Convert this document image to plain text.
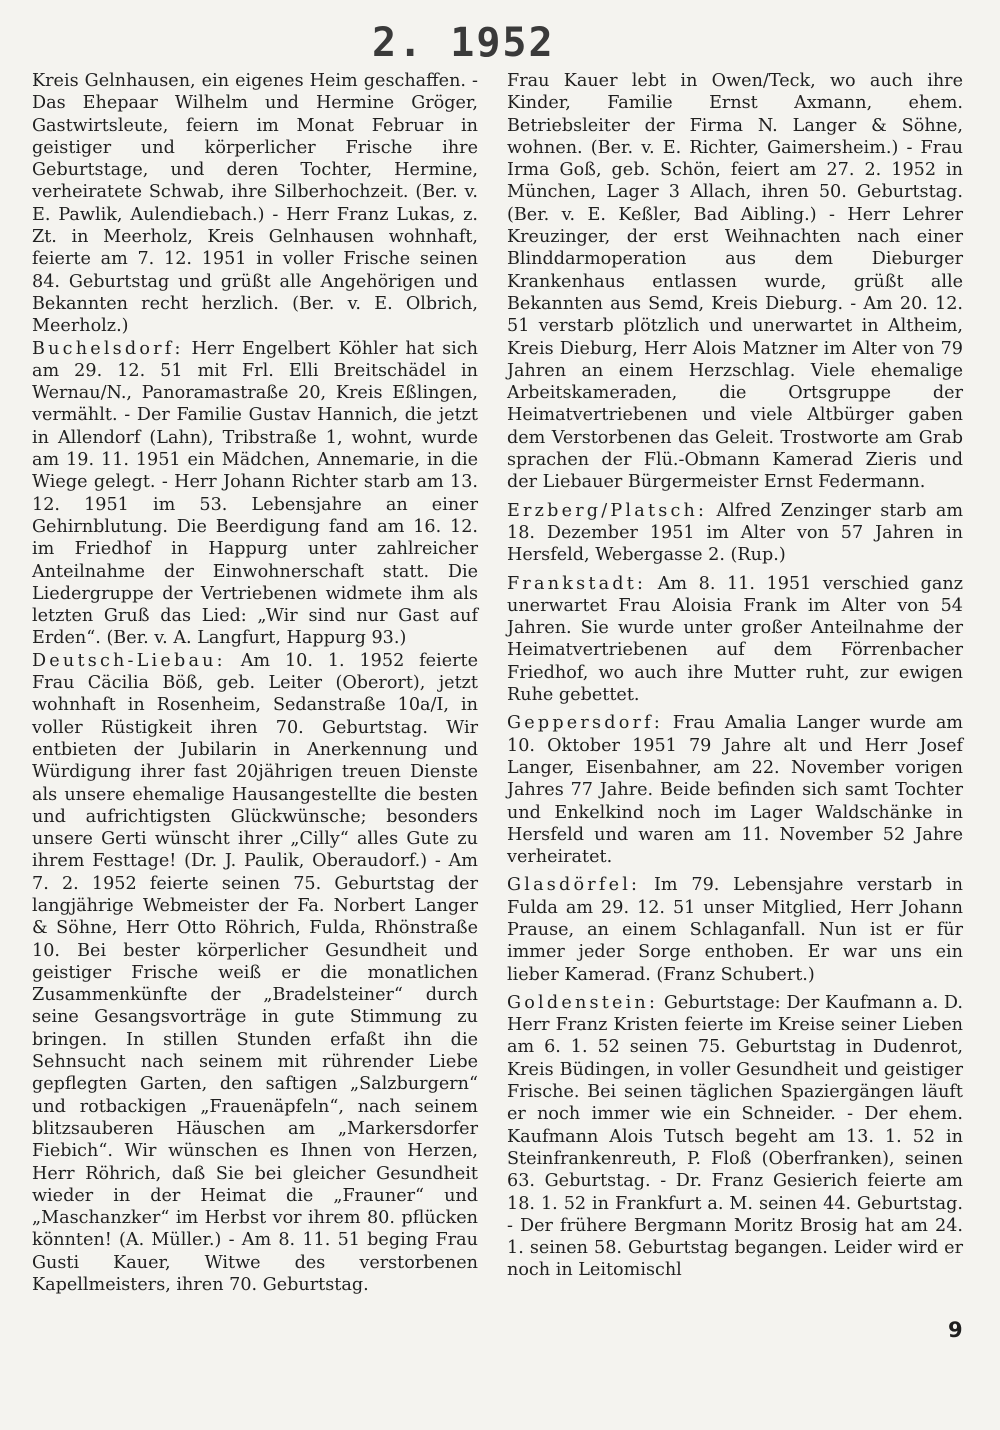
2. 1952

Kreis Gelnhausen, ein eigenes Heim geschaffen. - Das Ehepaar Wilhelm und Hermine Gröger, Gastwirtsleute, feiern im Monat Februar in geistiger und körperlicher Frische ihre Geburtstage, und deren Tochter, Hermine, verheiratete Schwab, ihre Silberhochzeit. (Ber. v. E. Pawlik, Aulendiebach.) - Herr Franz Lukas, z. Zt. in Meerholz, Kreis Gelnhausen wohnhaft, feierte am 7. 12. 1951 in voller Frische seinen 84. Geburtstag und grüßt alle Angehörigen und Bekannten recht herzlich. (Ber. v. E. Olbrich, Meerholz.)

Buchelsdorf: Herr Engelbert Köhler hat sich am 29. 12. 51 mit Frl. Elli Breitschädel in Wernau/N., Panoramastraße 20, Kreis Eßlingen, vermählt. - Der Familie Gustav Hannich, die jetzt in Allendorf (Lahn), Tribstraße 1, wohnt, wurde am 19. 11. 1951 ein Mädchen, Annemarie, in die Wiege gelegt. - Herr Johann Richter starb am 13. 12. 1951 im 53. Lebensjahre an einer Gehirnblutung. Die Beerdigung fand am 16. 12. im Friedhof in Happurg unter zahlreicher Anteilnahme der Einwohnerschaft statt. Die Liedergruppe der Vertriebenen widmete ihm als letzten Gruß das Lied: „Wir sind nur Gast auf Erden“. (Ber. v. A. Langfurt, Happurg 93.)

Deutsch-Liebau: Am 10. 1. 1952 feierte Frau Cäcilia Böß, geb. Leiter (Oberort), jetzt wohnhaft in Rosenheim, Sedanstraße 10a/I, in voller Rüstigkeit ihren 70. Geburtstag. Wir entbieten der Jubilarin in Anerkennung und Würdigung ihrer fast 20jährigen treuen Dienste als unsere ehemalige Hausangestellte die besten und aufrichtigsten Glückwünsche; besonders unsere Gerti wünscht ihrer „Cilly“ alles Gute zu ihrem Festtage! (Dr. J. Paulik, Oberaudorf.) - Am 7. 2. 1952 feierte seinen 75. Geburtstag der langjährige Webmeister der Fa. Norbert Langer & Söhne, Herr Otto Röhrich, Fulda, Rhönstraße 10. Bei bester körperlicher Gesundheit und geistiger Frische weiß er die monatlichen Zusammenkünfte der „Bradelsteiner“ durch seine Gesangsvorträge in gute Stimmung zu bringen. In stillen Stunden erfaßt ihn die Sehnsucht nach seinem mit rührender Liebe gepflegten Garten, den saftigen „Salzburgern“ und rotbackigen „Frauenäpfeln“, nach seinem blitzsauberen Häuschen am „Markersdorfer Fiebich“. Wir wünschen es Ihnen von Herzen, Herr Röhrich, daß Sie bei gleicher Gesundheit wieder in der Heimat die „Frauner“ und „Maschanzker“ im Herbst vor ihrem 80. pflücken könnten! (A. Müller.) - Am 8. 11. 51 beging Frau Gusti Kauer, Witwe des verstorbenen Kapellmeisters, ihren 70. Geburtstag.

Frau Kauer lebt in Owen/Teck, wo auch ihre Kinder, Familie Ernst Axmann, ehem. Betriebsleiter der Firma N. Langer & Söhne, wohnen. (Ber. v. E. Richter, Gaimersheim.) - Frau Irma Goß, geb. Schön, feiert am 27. 2. 1952 in München, Lager 3 Allach, ihren 50. Geburtstag. (Ber. v. E. Keßler, Bad Aibling.) - Herr Lehrer Kreuzinger, der erst Weihnachten nach einer Blinddarmoperation aus dem Dieburger Krankenhaus entlassen wurde, grüßt alle Bekannten aus Semd, Kreis Dieburg. - Am 20. 12. 51 verstarb plötzlich und unerwartet in Altheim, Kreis Dieburg, Herr Alois Matzner im Alter von 79 Jahren an einem Herzschlag. Viele ehemalige Arbeitskameraden, die Ortsgruppe der Heimatvertriebenen und viele Altbürger gaben dem Verstorbenen das Geleit. Trostworte am Grab sprachen der Flü.-Obmann Kamerad Zieris und der Liebauer Bürgermeister Ernst Federmann.

Erzberg/Platsch: Alfred Zenzinger starb am 18. Dezember 1951 im Alter von 57 Jahren in Hersfeld, Webergasse 2. (Rup.)

Frankstadt: Am 8. 11. 1951 verschied ganz unerwartet Frau Aloisia Frank im Alter von 54 Jahren. Sie wurde unter großer Anteilnahme der Heimatvertriebenen auf dem Förrenbacher Friedhof, wo auch ihre Mutter ruht, zur ewigen Ruhe gebettet.

Geppersdorf: Frau Amalia Langer wurde am 10. Oktober 1951 79 Jahre alt und Herr Josef Langer, Eisenbahner, am 22. November vorigen Jahres 77 Jahre. Beide befinden sich samt Tochter und Enkelkind noch im Lager Waldschänke in Hersfeld und waren am 11. November 52 Jahre verheiratet.

Glasdörfel: Im 79. Lebensjahre verstarb in Fulda am 29. 12. 51 unser Mitglied, Herr Johann Prause, an einem Schlaganfall. Nun ist er für immer jeder Sorge enthoben. Er war uns ein lieber Kamerad. (Franz Schubert.)

Goldenstein: Geburtstage: Der Kaufmann a. D. Herr Franz Kristen feierte im Kreise seiner Lieben am 6. 1. 52 seinen 75. Geburtstag in Dudenrot, Kreis Büdingen, in voller Gesundheit und geistiger Frische. Bei seinen täglichen Spaziergängen läuft er noch immer wie ein Schneider. - Der ehem. Kaufmann Alois Tutsch begeht am 13. 1. 52 in Steinfrankenreuth, P. Floß (Oberfranken), seinen 63. Geburtstag. - Dr. Franz Gesierich feierte am 18. 1. 52 in Frankfurt a. M. seinen 44. Geburtstag. - Der frühere Bergmann Moritz Brosig hat am 24. 1. seinen 58. Geburtstag begangen. Leider wird er noch in Leitomischl

9
